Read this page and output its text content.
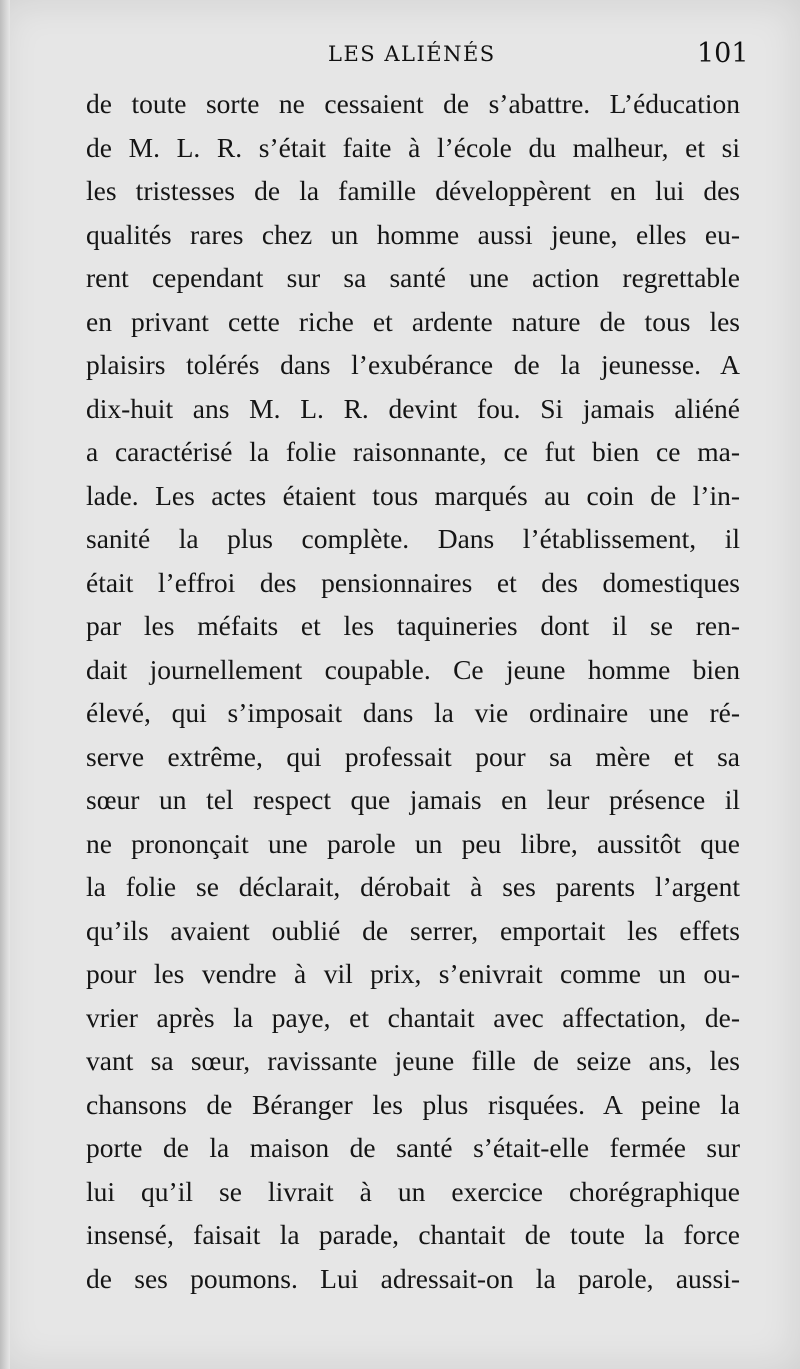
LES ALIÉNÉS	101
de toute sorte ne cessaient de s’abattre. L’éducation
de M. L. R. s’était faite à l’école du malheur, et si
les tristesses de la famille développèrent en lui des
qualités rares chez un homme aussi jeune, elles eu-
rent cependant sur sa santé une action regrettable
en privant cette riche et ardente nature de tous les
plaisirs tolérés dans l’exubérance de la jeunesse. A
dix-huit ans M. L. R. devint fou. Si jamais aliéné
a caractérisé la folie raisonnante, ce fut bien ce ma-
lade. Les actes étaient tous marqués au coin de l’in-
sanité la plus complète. Dans l’établissement, il
était l’effroi des pensionnaires et des domestiques
par les méfaits et les taquineries dont il se ren-
dait journellement coupable. Ce jeune homme bien
élevé, qui s’imposait dans la vie ordinaire une ré-
serve extrême, qui professait pour sa mère et sa
sœur un tel respect que jamais en leur présence il
ne prononçait une parole un peu libre, aussitôt que
la folie se déclarait, dérobait à ses parents l’argent
qu’ils avaient oublié de serrer, emportait les effets
pour les vendre à vil prix, s’enivrait comme un ou-
vrier après la paye, et chantait avec affectation, de-
vant sa sœur, ravissante jeune fille de seize ans, les
chansons de Béranger les plus risquées. A peine la
porte de la maison de santé s’était-elle fermée sur
lui qu’il se livrait à un exercice chorégraphique
insensé, faisait la parade, chantait de toute la force
de ses poumons. Lui adressait-on la parole, aussi-
